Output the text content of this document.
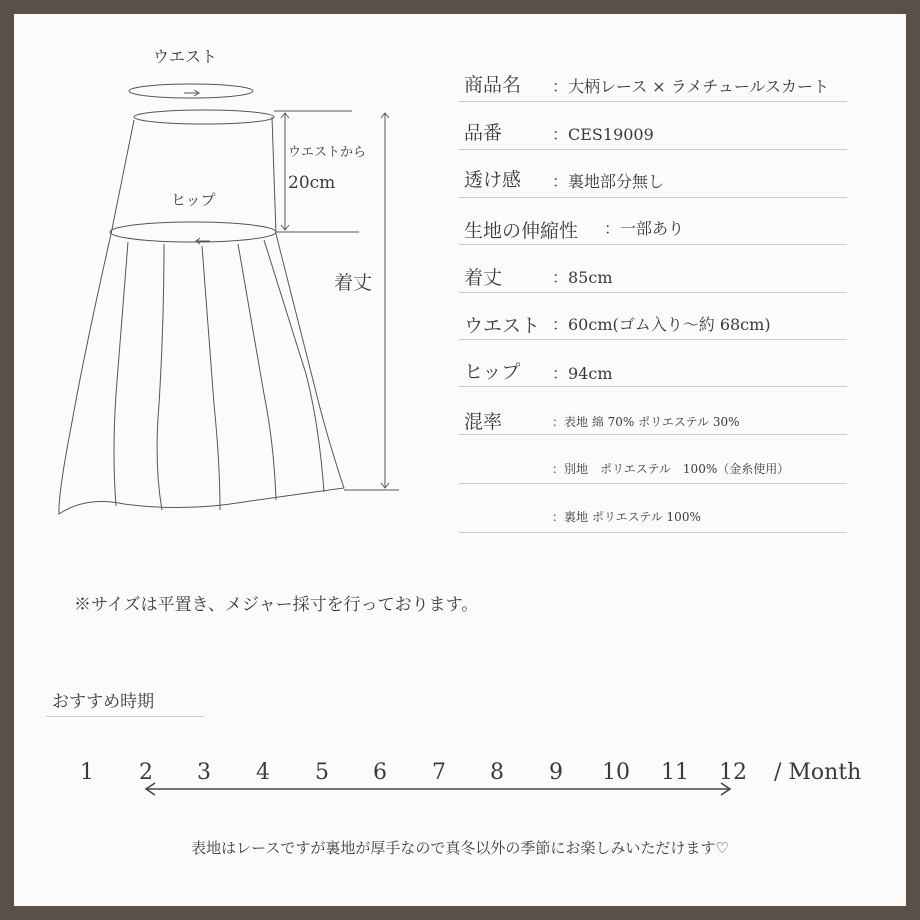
ウエスト
ウエストから
20cm
ヒップ
着丈
商品名 ：大柄レース × ラメチュールスカート
品番	：CES19009
透け感 ：裏地部分無し
生地の伸縮性 ：一部あり
着丈	：85cm
ウエスト ：60cm(ゴム入り～約 68cm)
ヒップ ：94cm
混率	：表地 綿 70% ポリエステル 30%
：別地　ポリエステル　100%（金糸使用）
：裏地 ポリエステル 100%
※サイズは平置き、メジャー採寸を行っております。
おすすめ時期
1	2	3	4	5	6	7	8	9	10 11 12 / Month
表地はレースですが裏地が厚手なので真冬以外の季節にお楽しみいただけます♡
